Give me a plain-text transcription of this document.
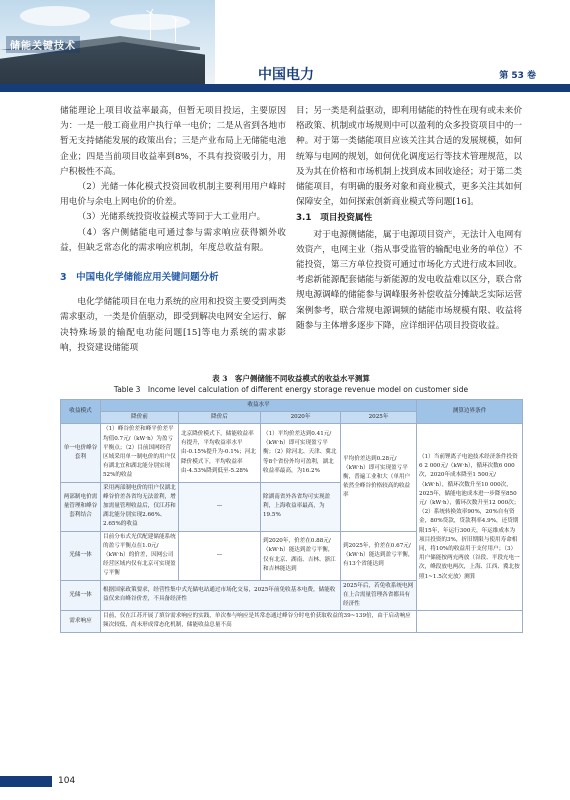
储能关键技术
中国电力	第 53 卷

储能理论上项目收益率最高，但暂无项目投运，主要原因为：一是一般工商业用户执行单一电价；二是从省到各地市暂无支持储能发展的政策出台；三是产业布局上无储能电池企业；四是当前项目收益率到8%，不具有投资吸引力，用户积极性不高。

（2）光储一体化模式投资回收机制主要利用用户峰时用电价与余电上网电价的价差。

（3）光储系统投资收益模式等同于大工业用户。

（4）客户侧储能电可通过参与需求响应获得额外收益，但缺乏常态化的需求响应机制，年度总收益有限。

3　中国电化学储能应用关键问题分析

电化学储能项目在电力系统的应用和投资主要受到两类需求驱动，一类是价值驱动，即受到解决电网安全运行、解决特殊场景的输配电功能问题[15]等电力系统的需求影响，投资建设储能项

目；另一类是利益驱动，即利用储能的特性在现有或未来价格政策、机制或市场规则中可以盈利的众多投资项目中的一种。对于第一类储能项目应该关注其合适的发展规模，如何统筹与电网的规划，如何优化调度运行等技术管理规范，以及为其在价格和市场机制上找到成本回收途径；对于第二类储能项目，有明确的服务对象和商业模式，更多关注其如何保障安全，如何探索创新商业模式等问题[16]。

3.1　项目投资属性

对于电源侧储能，属于电源项目资产，无法计入电网有效资产，电网主业（指从事受监管的输配电业务的单位）不能投资，第三方单位投资可通过市场化方式进行成本回收。考虑新能源配套储能与新能源的发电收益难以区分，联合常规电源调峰的储能参与调峰服务补偿收益分摊缺乏实际运营案例参考，联合常规电源调频的储能市场规模有限、收益将随参与主体增多逐步下降，应详细评估项目投资收益。

表 3　客户侧储能不同收益模式的收益水平测算
Table 3　Income level calculation of different energy storage revenue model on customer side
收益模式	收益水平				测算边界条件
	降价前	降价后	2020年	2025年	
单一电价峰谷套利	（1）峰谷价差和峰平价差平均值0.7元/（kW·h）为盈亏平衡点；（2）目前国网经营区域采用单一制电价的用户仅有湖北宜和湖北能分别实现52%的收益	北京降价模式下，储能收益率有提升，平均收益率水平由-0.15%提升为-0.1%；河北降价模式下，平均收益率由-4.53%降到低至-5.28%	（1）平均价差达到0.41元/（kW·h）即可实现盈亏平衡；（2）除河北、天津、冀北等8个省份外均可盈利，湖北收益率最高，为16.2%	平均价差达到0.28元/（kW·h）即可实现盈亏平衡，普遍工业和大（单用户依然全峰谷价格较高的收益率	（1）当前锂离子电池技术经济条件投资6 2 000元/（kW·h），循环次数6 000次，2020年成本降至1 500元/（kW·h），循环次数升至10 000次，2025年，储能电池成本进一步降至850元/（kW·h），循环次数升至12 000次；（2）系统转换效率90%，20%自有资金，80%贷款，贷款利率4.9%，还贷期限15年，年运行300天，年运维成本为项目投资的3%，折旧期限与使用寿命相同，将10%的收益用于支付用户；（3）用户储能按两充两放（谷段、平段充电一次，峰段放电两次，上海、江西、冀北按照1~1.5次充放）测算
两部制电价需量管理和峰谷套利结合	采用两部制电价的用户仅湖北峰谷价差各省均无法盈利，增加需量管理收益后，仅江苏和湖北能分别实现2.66%、2.65%的收益	—	除湖南省外各省均可实现盈利，上海收益率最高，为19.5%		
光储一体	目前分布式光伏配建储能系统的盈亏平衡点在1.0元/（kW·h）的价差，因网公司经营区域内仅有北京可实现盈亏平衡	—	到2020年，价差在0.88元/（kW·h）能达到盈亏平衡，仅有北京、湖南、吉林、浙江和吉林能达到	到2025年，价差在0.67元/（kW·h）能达到盈亏平衡，有13个省能达到	
光储一体	根据国家政策要求，经营性集中式光储电站通过市场化交易，2025年前免收基本电费，储能收益仅来自峰谷价差，不具备经济性			2025年后，若免收系统电网在上合需量管理各省都具有经济性	
需求响应	目前，仅在江苏开展了填谷需求响应的实践，单次参与响应是其常态通过峰谷分时电价获取收益的39~139倍，由于启动响应频次较低，尚未形成常态化机制，储能收益总量不高				
104
